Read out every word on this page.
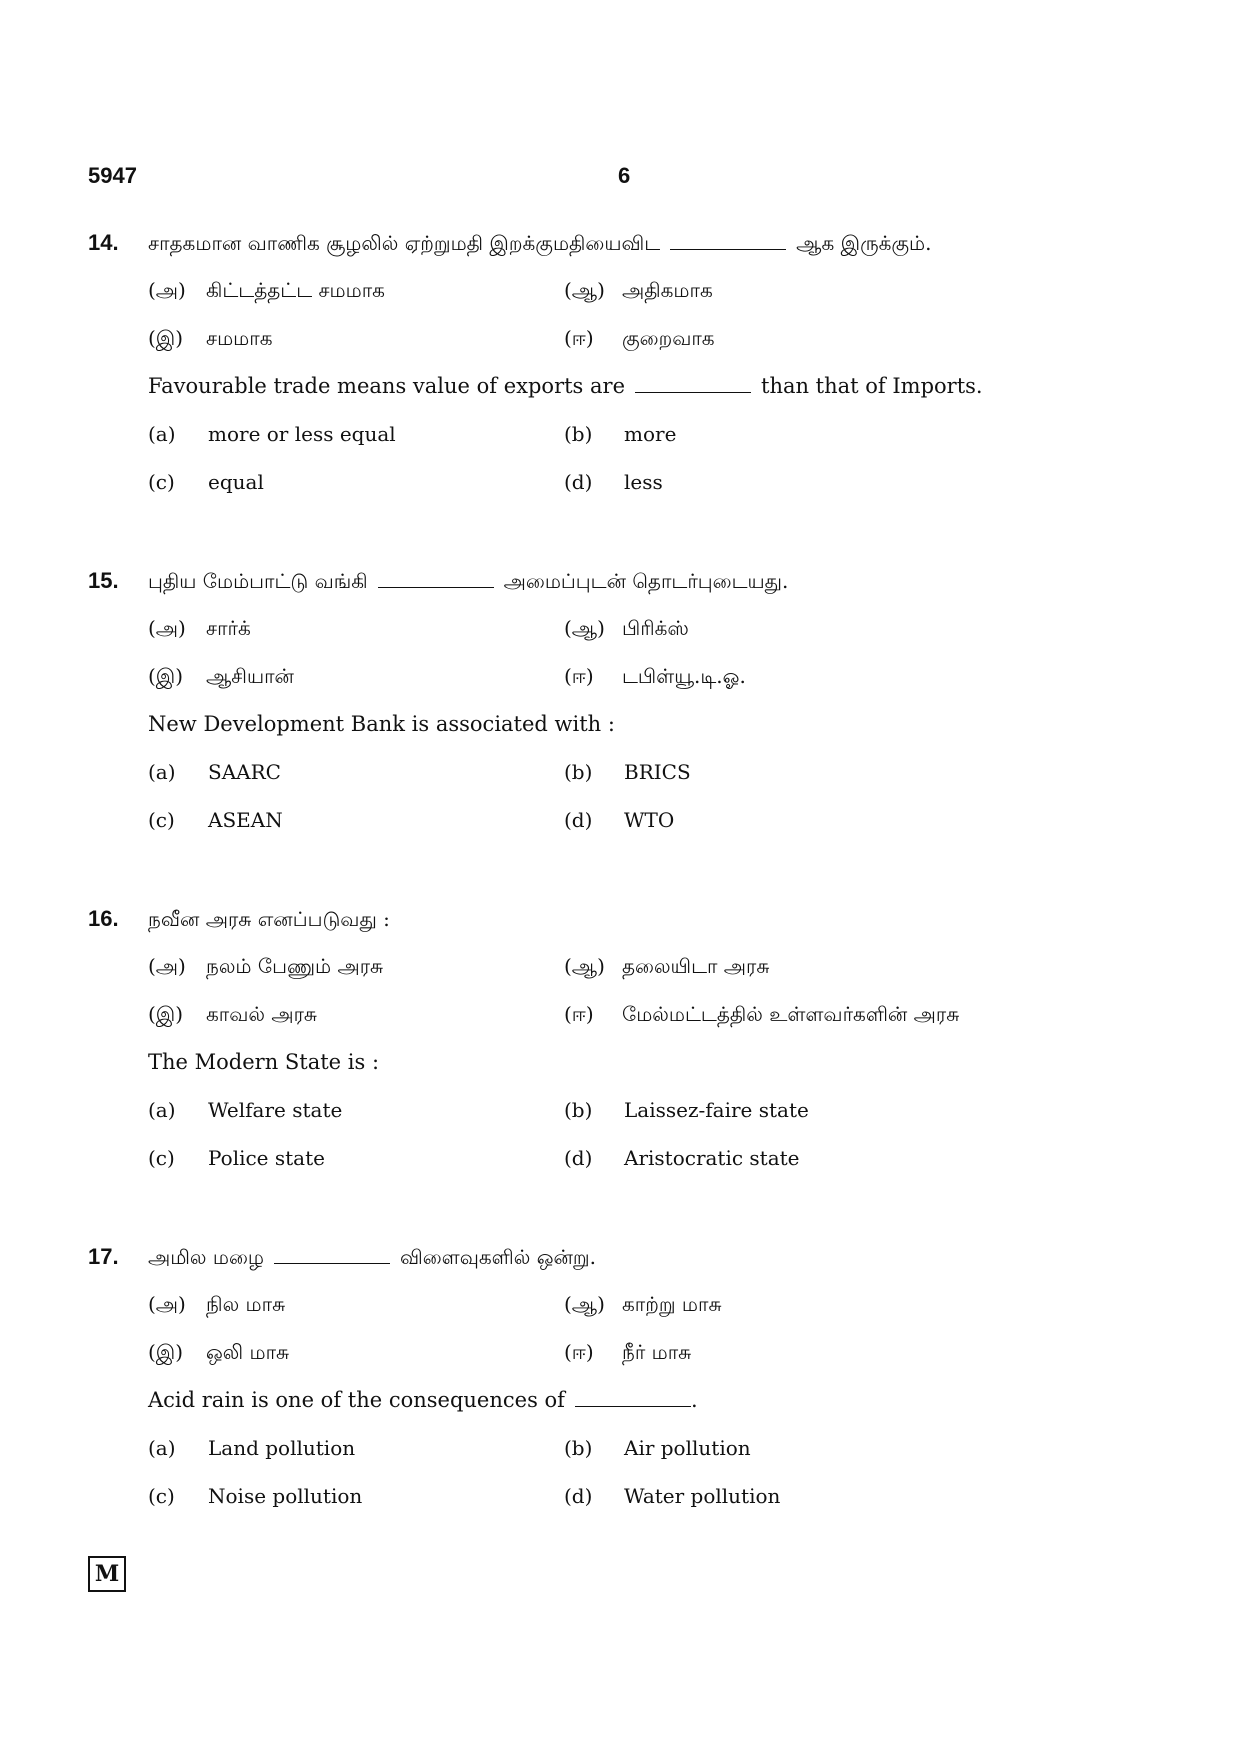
5947	6
14. சாதகமான வாணிக சூழலில் ஏற்றுமதி இறக்குமதியைவிட	ஆக இருக்கும்.
(அ) கிட்டத்தட்ட சமமாக	(ஆ) அதிகமாக
(இ) சமமாக	(ஈ) குறைவாக
Favourable trade means value of exports are	than that of Imports.
(a) more or less equal	(b) more
(c) equal	(d) less
15. புதிய மேம்பாட்டு வங்கி	அமைப்புடன் தொடர்புடையது.
(அ) சார்க்	(ஆ) பிரிக்ஸ்
(இ) ஆசியான்	(ஈ) டபிள்யூ.டி.ஓ.
New Development Bank is associated with :
(a) SAARC	(b) BRICS
(c) ASEAN	(d) WTO
16. நவீன அரசு எனப்படுவது :
(அ) நலம் பேணும் அரசு	(ஆ) தலையிடா அரசு
(இ) காவல் அரசு	(ஈ) மேல்மட்டத்தில் உள்ளவர்களின் அரசு
The Modern State is :
(a) Welfare state	(b) Laissez-faire state
(c) Police state	(d) Aristocratic state
17. அமில மழை	விளைவுகளில் ஒன்று.
(அ) நில மாசு	(ஆ) காற்று மாசு
(இ) ஒலி மாசு	(ஈ) நீர் மாசு
Acid rain is one of the consequences of	.
(a) Land pollution	(b) Air pollution
(c) Noise pollution	(d) Water pollution
M
